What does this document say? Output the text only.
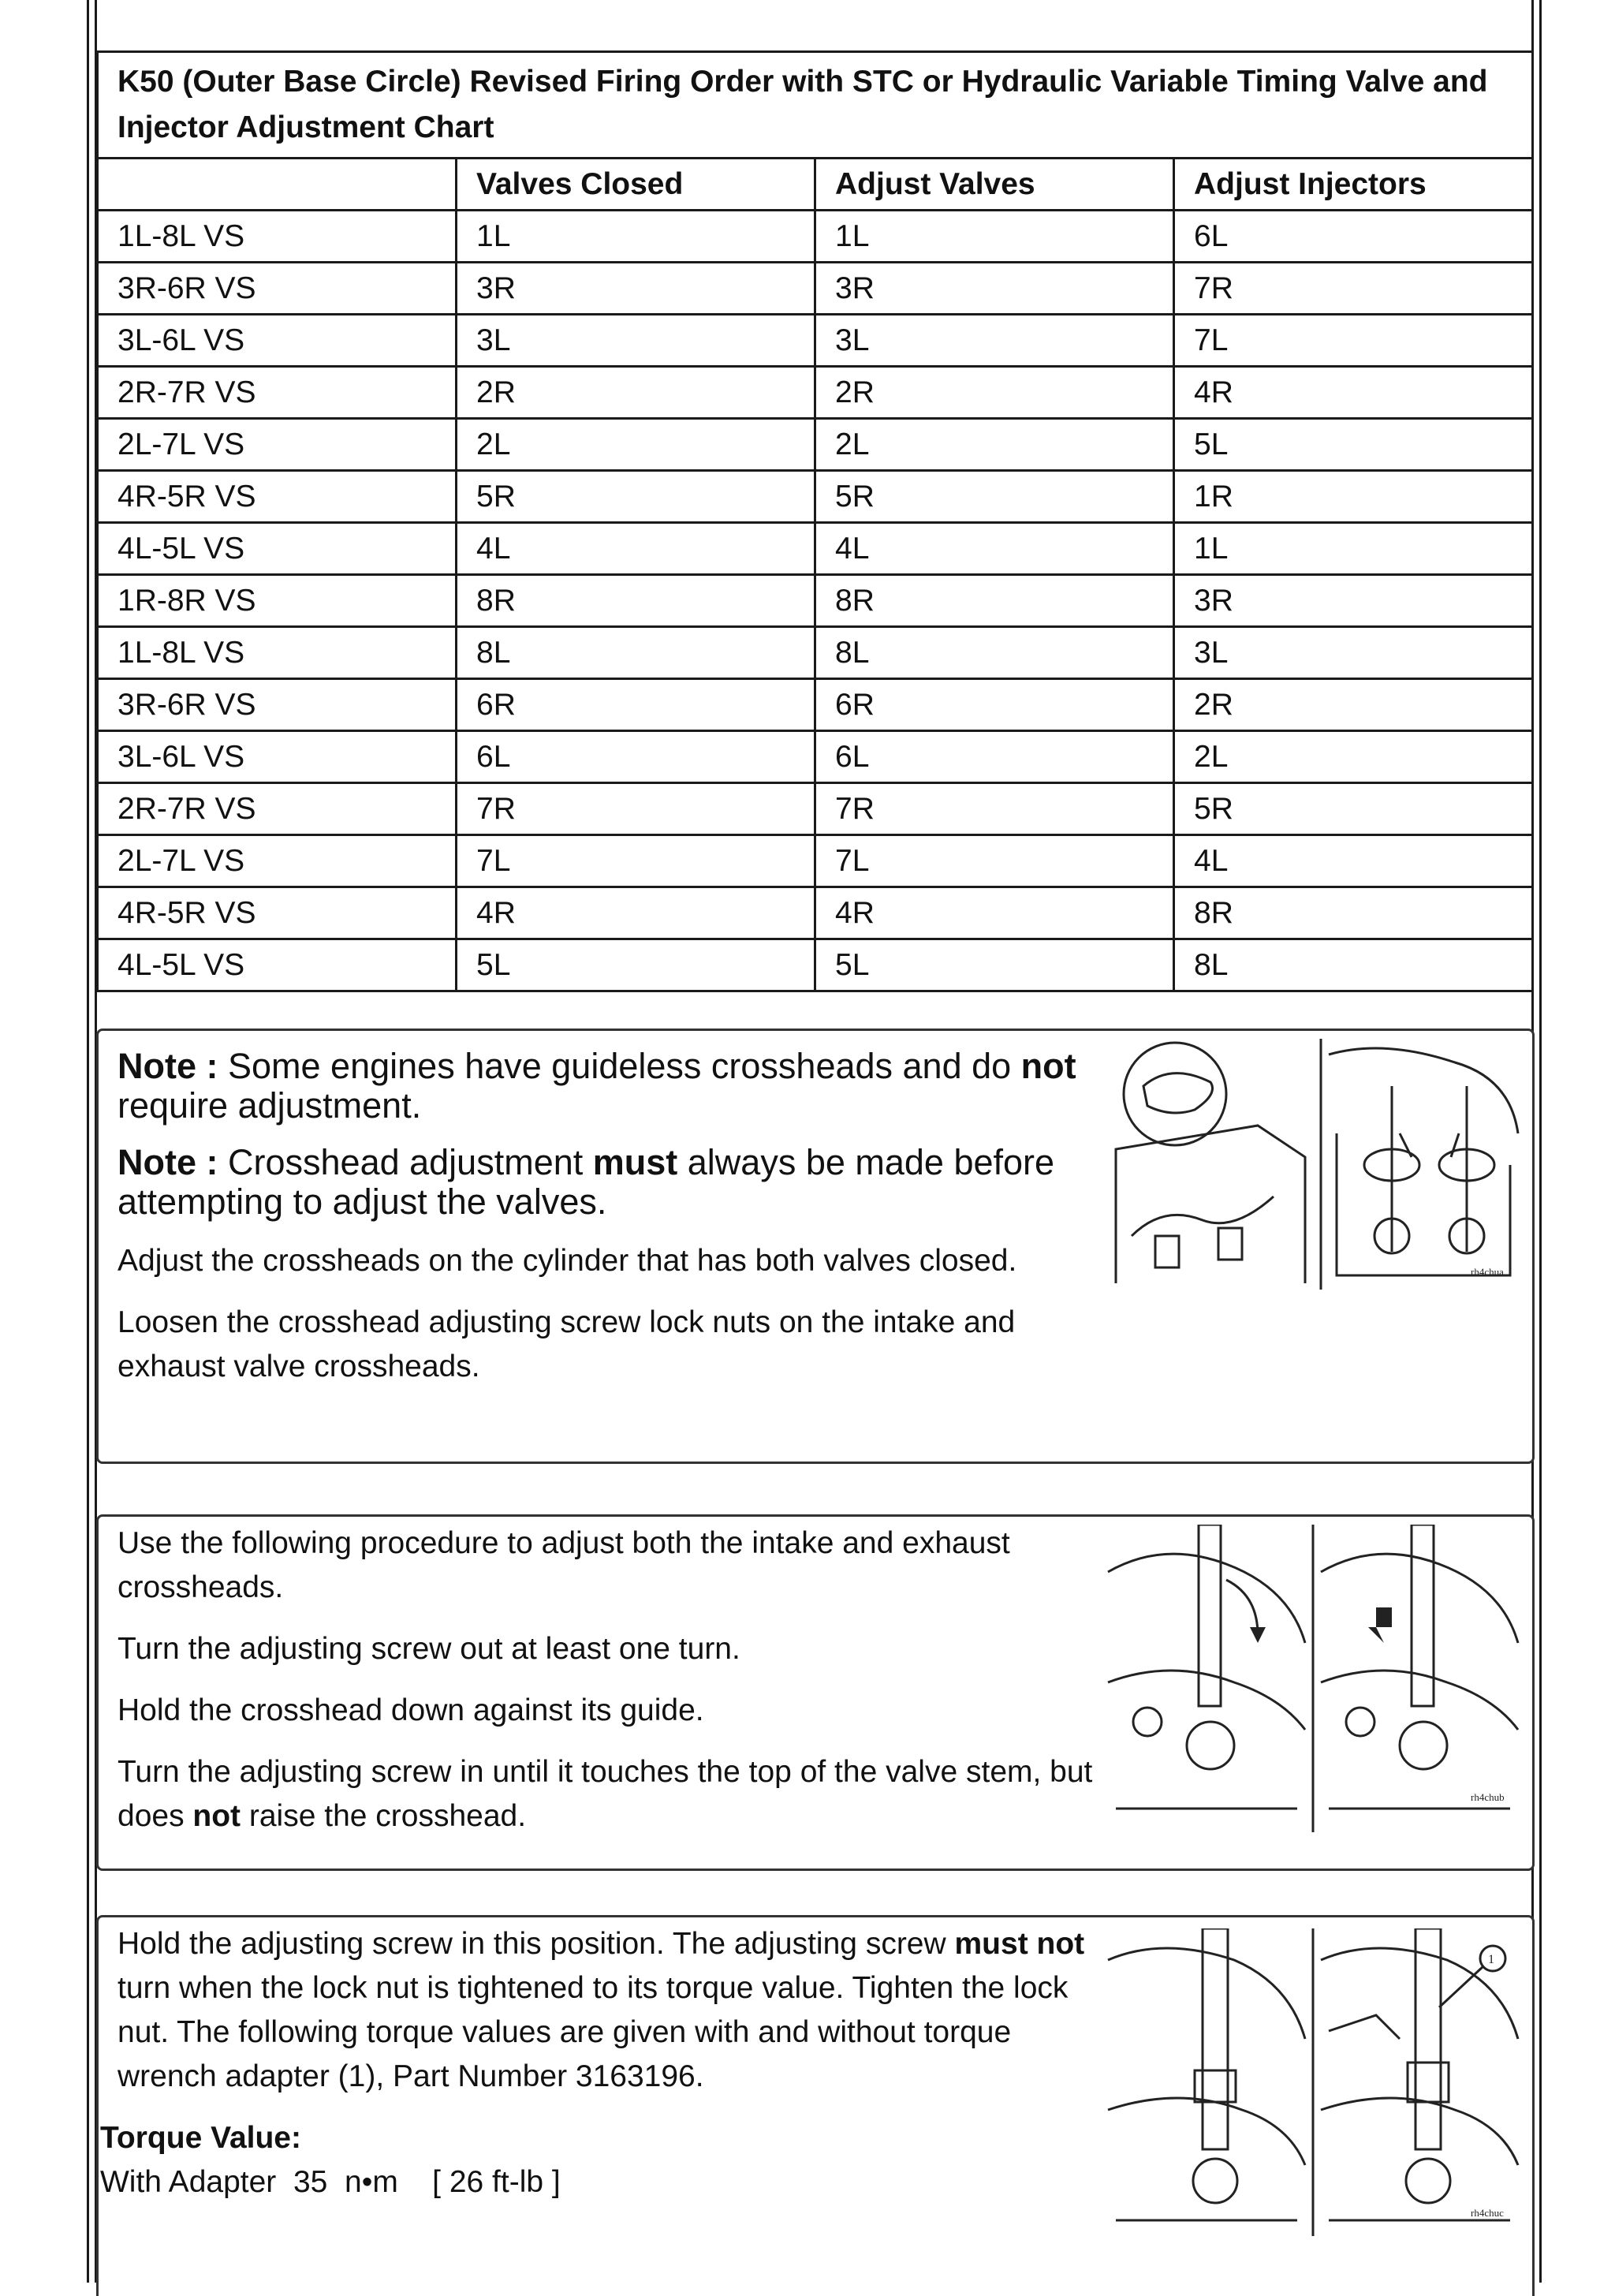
K50 (Outer Base Circle) Revised Firing Order with STC or Hydraulic Variable Timing Valve and Injector Adjustment Chart			
	Valves Closed	Adjust Valves	Adjust Injectors
1L-8L VS	1L	1L	6L
3R-6R VS	3R	3R	7R
3L-6L VS	3L	3L	7L
2R-7R VS	2R	2R	4R
2L-7L VS	2L	2L	5L
4R-5R VS	5R	5R	1R
4L-5L VS	4L	4L	1L
1R-8R VS	8R	8R	3R
1L-8L VS	8L	8L	3L
3R-6R VS	6R	6R	2R
3L-6L VS	6L	6L	2L
2R-7R VS	7R	7R	5R
2L-7L VS	7L	7L	4L
4R-5R VS	4R	4R	8R
4L-5L VS	5L	5L	8L

Note : Some engines have guideless crossheads and do not require adjustment.

Note : Crosshead adjustment must always be made before attempting to adjust the valves.

Adjust the crossheads on the cylinder that has both valves closed.

Loosen the crosshead adjusting screw lock nuts on the intake and exhaust valve crossheads.

rh4chua

Use the following procedure to adjust both the intake and exhaust crossheads.

Turn the adjusting screw out at least one turn.

Hold the crosshead down against its guide.

Turn the adjusting screw in until it touches the top of the valve stem, but does not raise the crosshead.

rh4chub

Hold the adjusting screw in this position. The adjusting screw must not turn when the lock nut is tightened to its torque value. Tighten the lock nut. The following torque values are given with and without torque wrench adapter (1), Part Number 3163196.

Torque Value:

With Adapter  35  n•m    [ 26 ft-lb ]

1
rh4chuc
